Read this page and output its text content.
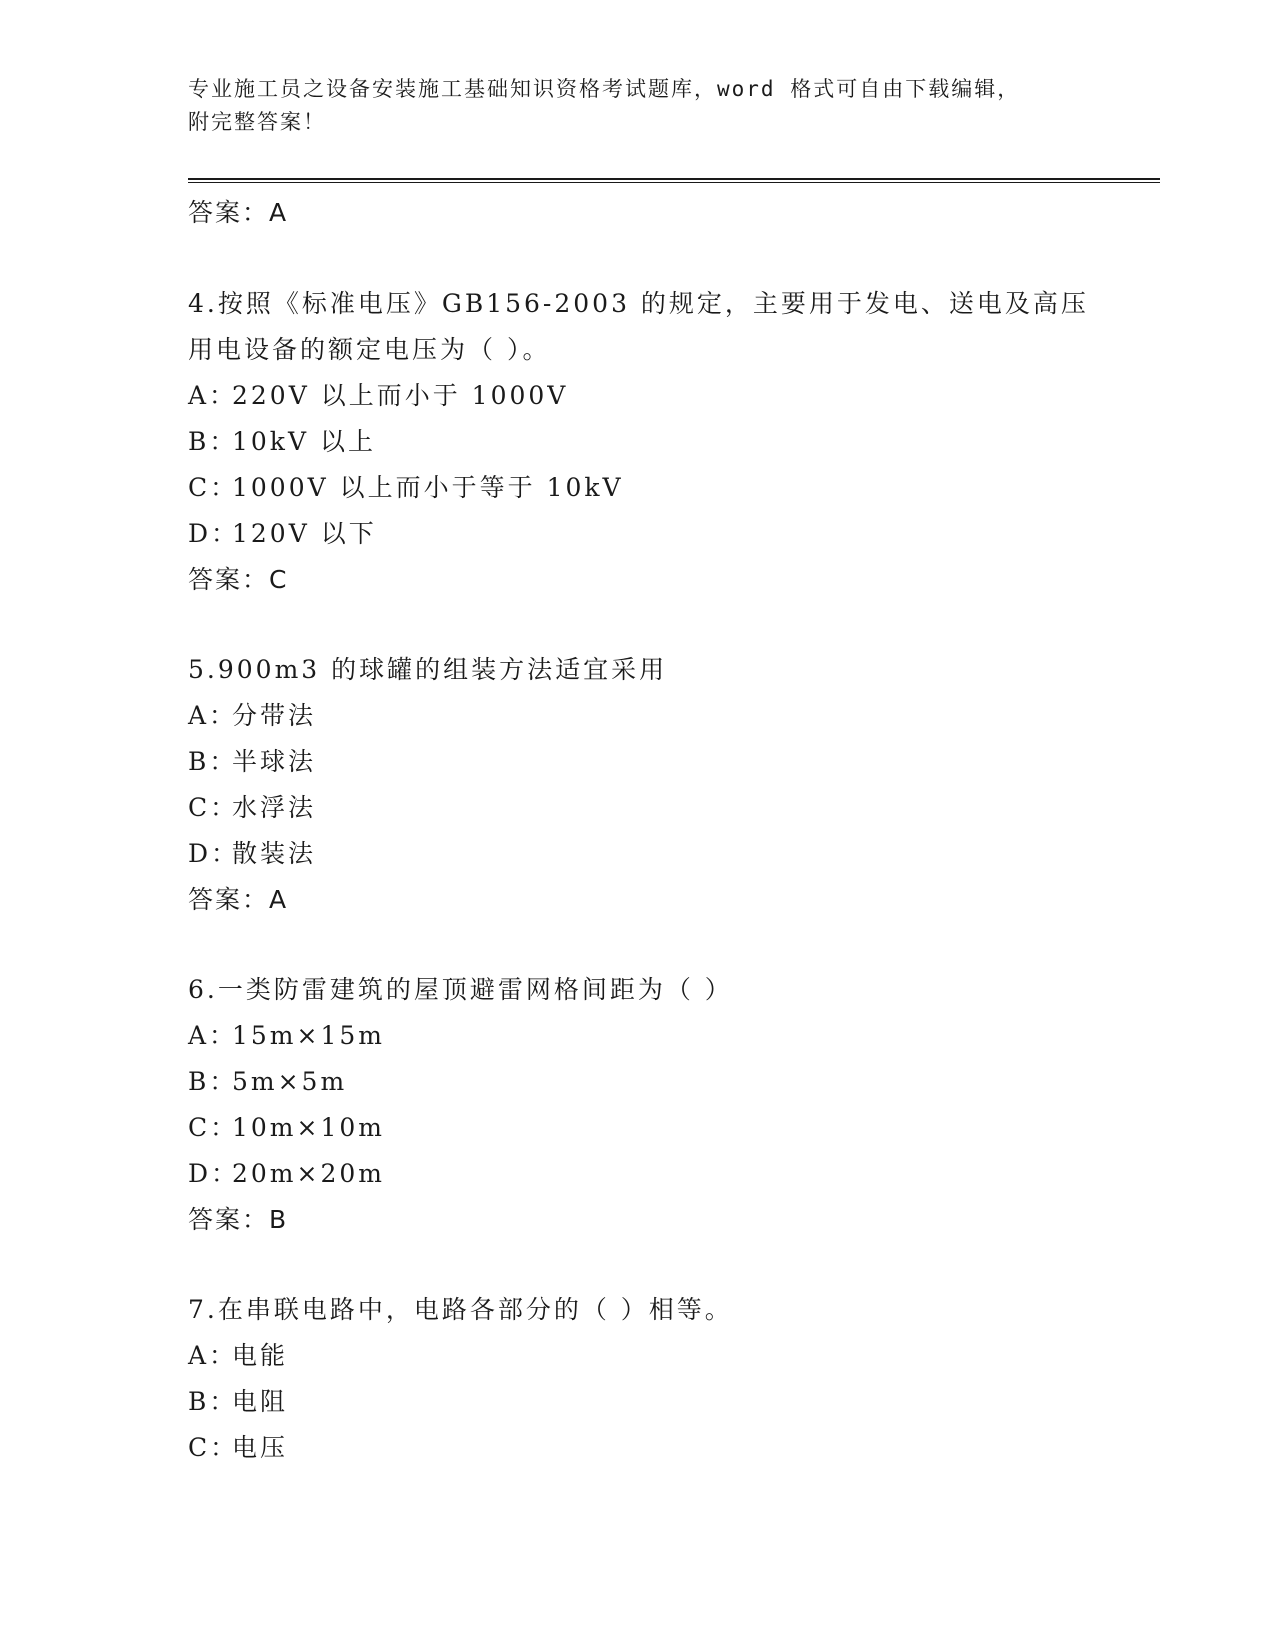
专业施工员之设备安装施工基础知识资格考试题库，word 格式可自由下载编辑，
附完整答案！
答案：A
4.按照《标准电压》GB156-2003 的规定，主要用于发电、送电及高压
用电设备的额定电压为（ ）。
A：220V 以上而小于 1000V
B：10kV 以上
C：1000V 以上而小于等于 10kV
D：120V 以下
答案：C
5.900m3 的球罐的组装方法适宜采用
A：分带法
B：半球法
C：水浮法
D：散装法
答案：A
6.一类防雷建筑的屋顶避雷网格间距为（ ）
A：15m×15m
B：5m×5m
C：10m×10m
D：20m×20m
答案：B
7.在串联电路中，电路各部分的（ ）相等。
A：电能
B：电阻
C：电压
